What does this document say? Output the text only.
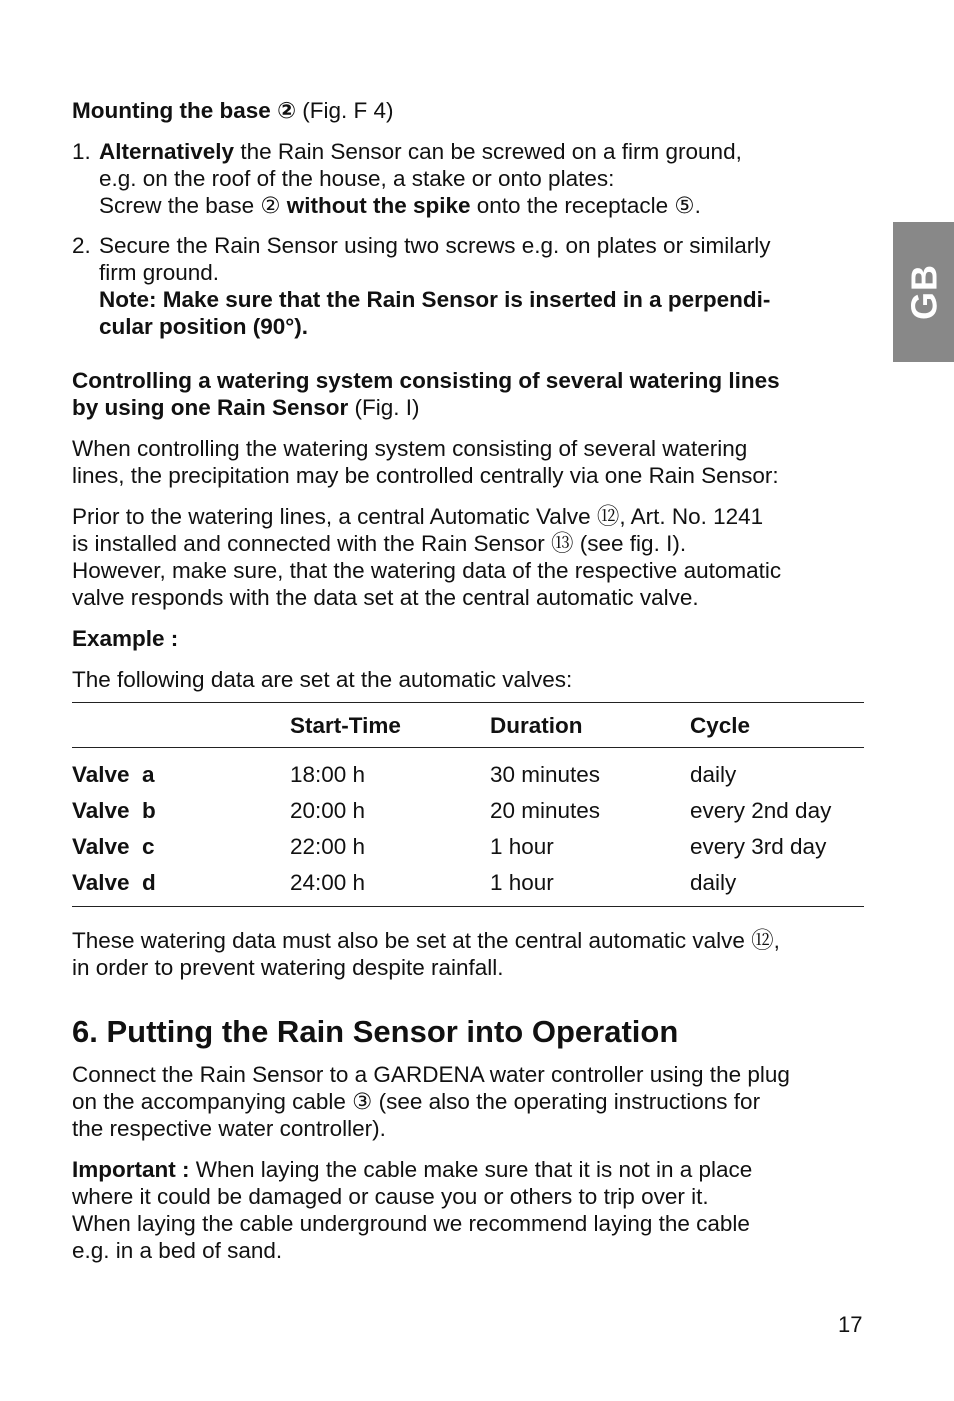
GB

Mounting the base ② (Fig. F 4)

1. Alternatively the Rain Sensor can be screwed on a firm ground,
e.g. on the roof of the house, a stake or onto plates:
Screw the base ② without the spike onto the receptacle ⑤.
2. Secure the Rain Sensor using two screws e.g. on plates or similarly
firm ground.
Note: Make sure that the Rain Sensor is inserted in a perpendi-
cular position (90°).

Controlling a watering system consisting of several watering lines
by using one Rain Sensor (Fig. I)

When controlling the watering system consisting of several watering
lines, the precipitation may be controlled centrally via one Rain Sensor:

Prior to the watering lines, a central Automatic Valve ⑫, Art. No. 1241
is installed and connected with the Rain Sensor ⑬ (see fig. I).
However, make sure, that the watering data of the respective automatic
valve responds with the data set at the central automatic valve.

Example :

The following data are set at the automatic valves:

	Start-Time	Duration	Cycle
Valve  a	18:00 h	30 minutes	daily
Valve  b	20:00 h	20 minutes	every 2nd day
Valve  c	22:00 h	1 hour	every 3rd day
Valve  d	24:00 h	1 hour	daily

These watering data must also be set at the central automatic valve ⑫,
in order to prevent watering despite rainfall.

6. Putting the Rain Sensor into Operation

Connect the Rain Sensor to a GARDENA water controller using the plug
on the accompanying cable ③ (see also the operating instructions for
the respective water controller).

Important : When laying the cable make sure that it is not in a place
where it could be damaged or cause you or others to trip over it.
When laying the cable underground we recommend laying the cable
e.g. in a bed of sand.

17
